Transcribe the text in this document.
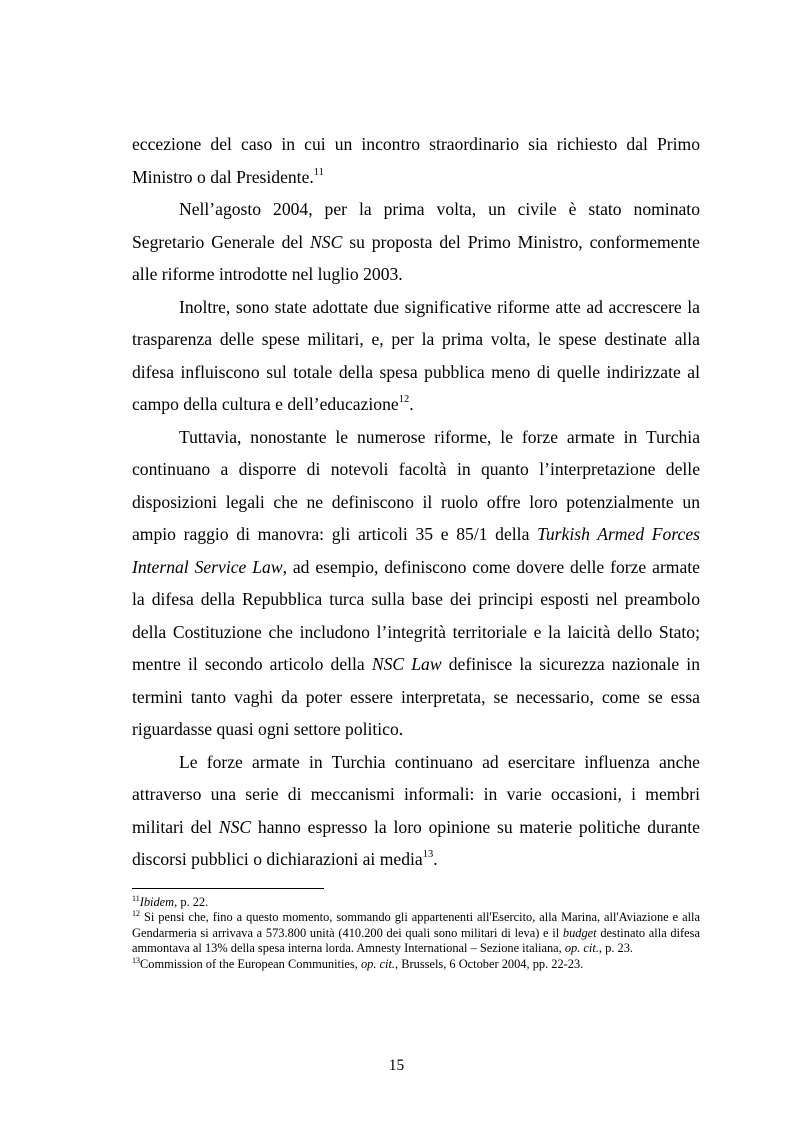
eccezione del caso in cui un incontro straordinario sia richiesto dal Primo Ministro o dal Presidente.$^{11}$

Nell’agosto 2004, per la prima volta, un civile è stato nominato Segretario Generale del NSC su proposta del Primo Ministro, conformemente alle riforme introdotte nel luglio 2003.

Inoltre, sono state adottate due significative riforme atte ad accrescere la trasparenza delle spese militari, e, per la prima volta, le spese destinate alla difesa influiscono sul totale della spesa pubblica meno di quelle indirizzate al campo della cultura e dell’educazione$^{12}$.

Tuttavia, nonostante le numerose riforme, le forze armate in Turchia continuano a disporre di notevoli facoltà in quanto l’interpretazione delle disposizioni legali che ne definiscono il ruolo offre loro potenzialmente un ampio raggio di manovra: gli articoli 35 e 85/1 della Turkish Armed Forces Internal Service Law, ad esempio, definiscono come dovere delle forze armate la difesa della Repubblica turca sulla base dei principi esposti nel preambolo della Costituzione che includono l’integrità territoriale e la laicità dello Stato; mentre il secondo articolo della NSC Law definisce la sicurezza nazionale in termini tanto vaghi da poter essere interpretata, se necessario, come se essa riguardasse quasi ogni settore politico.

Le forze armate in Turchia continuano ad esercitare influenza anche attraverso una serie di meccanismi informali: in varie occasioni, i membri militari del NSC hanno espresso la loro opinione su materie politiche durante discorsi pubblici o dichiarazioni ai media$^{13}$.

$^{11}$Ibidem, p. 22.

$^{12}$ Si pensi che, fino a questo momento, sommando gli appartenenti all'Esercito, alla Marina, all'Aviazione e alla Gendarmeria si arrivava a 573.800 unità (410.200 dei quali sono militari di leva) e il budget destinato alla difesa ammontava al 13% della spesa interna lorda. Amnesty International – Sezione italiana, op. cit., p. 23.

$^{13}$Commission of the European Communities, op. cit., Brussels, 6 October 2004, pp. 22-23.

15
